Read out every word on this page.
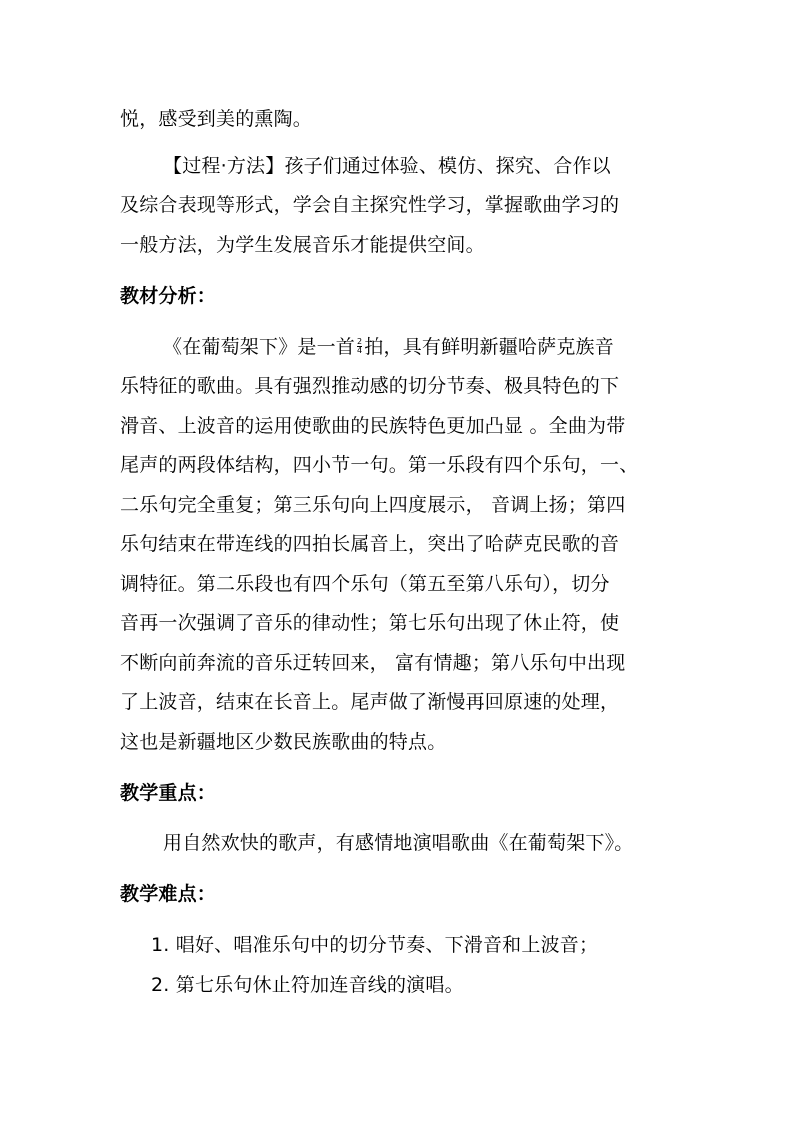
悦，感受到美的熏陶。
【过程·方法】孩子们通过体验、模仿、探究、合作以
及综合表现等形式，学会自主探究性学习，掌握歌曲学习的
一般方法，为学生发展音乐才能提供空间。
教材分析：
《在葡萄架下》是一首 $\frac{2}{4}$ 拍，具有鲜明新疆哈萨克族音
乐特征的歌曲。具有强烈推动感的切分节奏、极具特色的下
滑音、上波音的运用使歌曲的民族特色更加凸显 。全曲为带
尾声的两段体结构，四小节一句。第一乐段有四个乐句，一、
二乐句完全重复；第三乐句向上四度展示， 音调上扬；第四
乐句结束在带连线的四拍长属音上，突出了哈萨克民歌的音
调特征。第二乐段也有四个乐句（第五至第八乐句），切分
音再一次强调了音乐的律动性；第七乐句出现了休止符，使
不断向前奔流的音乐迂转回来， 富有情趣；第八乐句中出现
了上波音，结束在长音上。尾声做了渐慢再回原速的处理，
这也是新疆地区少数民族歌曲的特点。
教学重点：
用自然欢快的歌声，有感情地演唱歌曲《在葡萄架下》。
教学难点：
1. 唱好、唱准乐句中的切分节奏、下滑音和上波音；
2. 第七乐句休止符加连音线的演唱。
